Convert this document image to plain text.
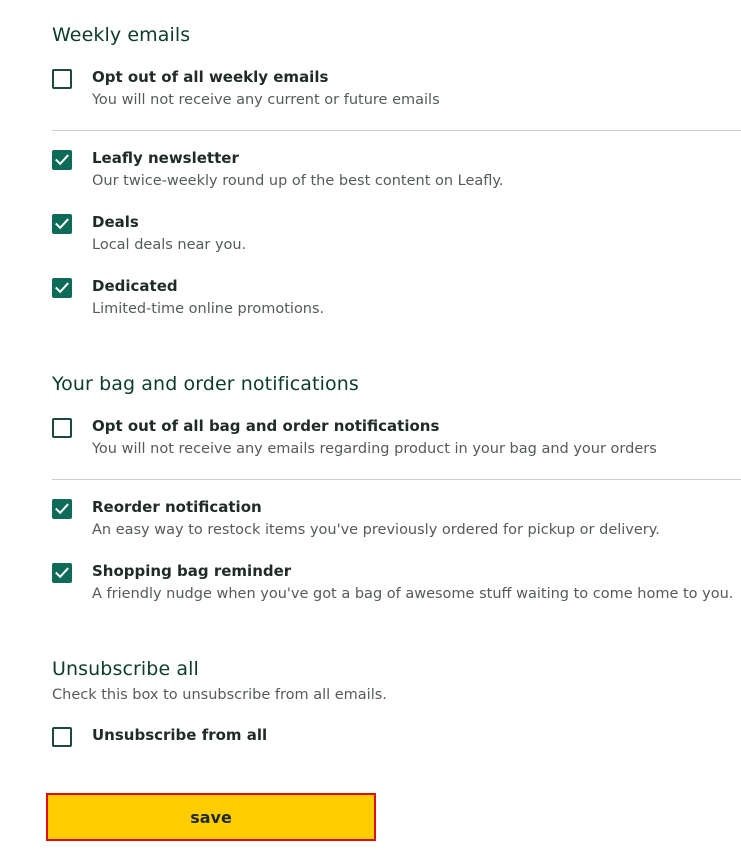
Weekly emails
Opt out of all weekly emails
You will not receive any current or future emails
Leafly newsletter
Our twice-weekly round up of the best content on Leafly.
Deals
Local deals near you.
Dedicated
Limited-time online promotions.
Your bag and order notifications
Opt out of all bag and order notifications
You will not receive any emails regarding product in your bag and your orders
Reorder notification
An easy way to restock items you've previously ordered for pickup or delivery.
Shopping bag reminder
A friendly nudge when you've got a bag of awesome stuff waiting to come home to you.
Unsubscribe all

Check this box to unsubscribe from all emails.

Unsubscribe from all
save
